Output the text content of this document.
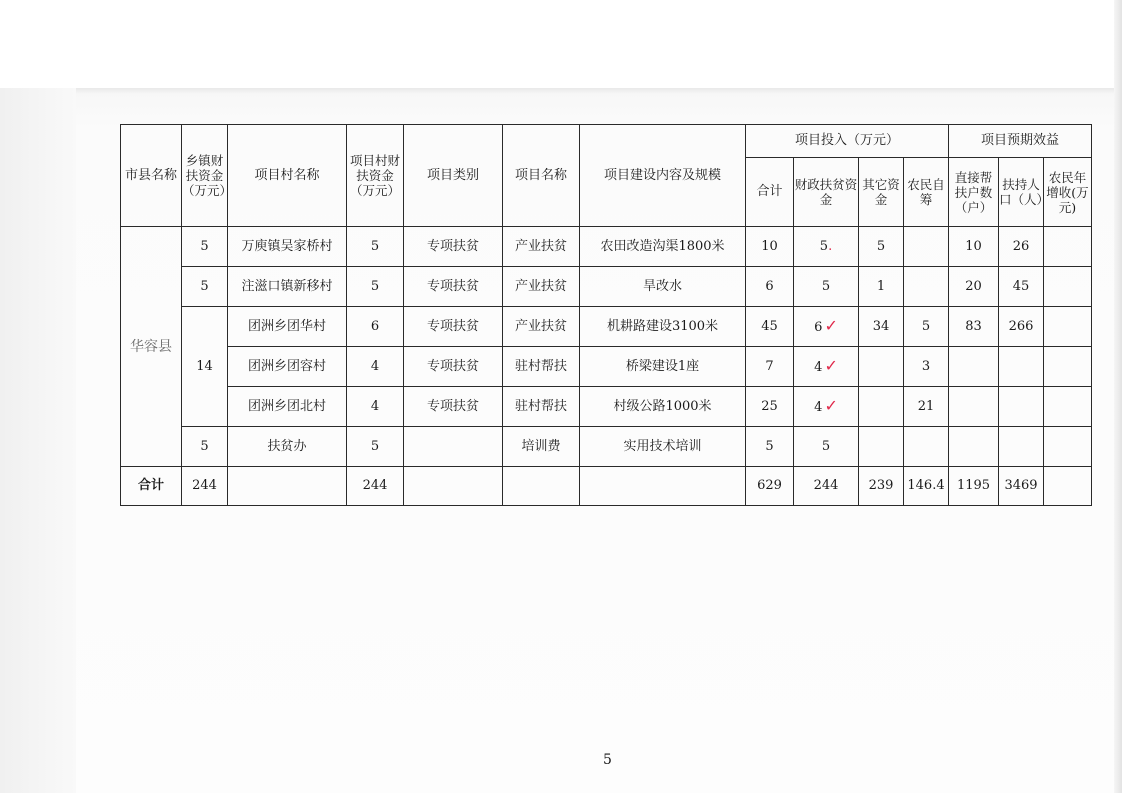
市县名称	乡镇财扶资金（万元）	项目村名称	项目村财扶资金（万元）	项目类别	项目名称	项目建设内容及规模	项目投入（万元）				项目预期效益		
							合计	财政扶贫资金	其它资金	农民自筹	直接帮扶户数（户）	扶持人口（人）	农民年增收(万元)
华容县	5	万庾镇吴家桥村	5	专项扶贫	产业扶贫	农田改造沟渠1800米	10	5.	5		10	26	
	5	注滋口镇新移村	5	专项扶贫	产业扶贫	旱改水	6	5	1		20	45	
	14	团洲乡团华村	6	专项扶贫	产业扶贫	机耕路建设3100米	45	6 ✓	34	5	83	266	
		团洲乡团容村	4	专项扶贫	驻村帮扶	桥梁建设1座	7	4 ✓		3			
		团洲乡团北村	4	专项扶贫	驻村帮扶	村级公路1000米	25	4 ✓		21			
	5	扶贫办	5		培训费	实用技术培训	5	5					
合计	244		244				629	244	239	146.4	1195	3469	
5
